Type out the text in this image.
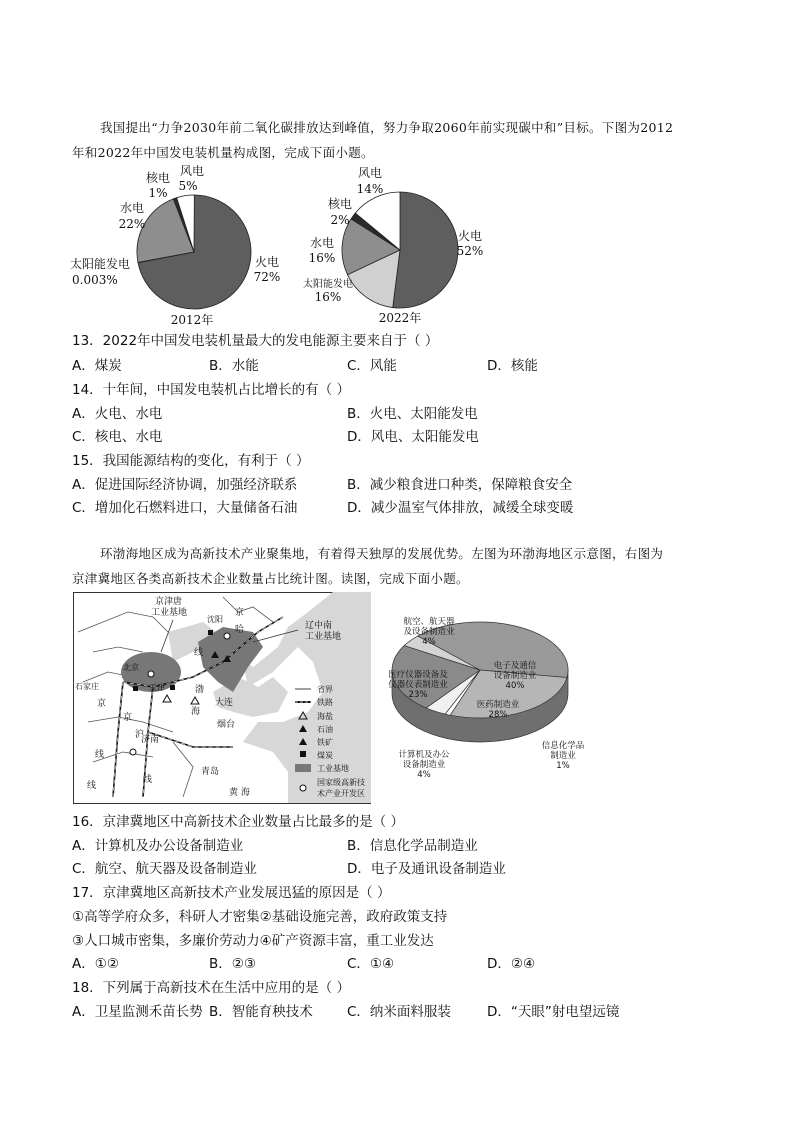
我国提出“力争2030年前二氧化碳排放达到峰值，努力争取2060年前实现碳中和”目标。下图为2012
年和2022年中国发电装机量构成图，完成下面小题。
风电
5%
核电
1%
水电
22%
太阳能发电
0.003%
火电
72%
2012年
风电
14%
核电
2%
水电
16%
太阳能发电
16%
火电
52%
2022年
13．2022年中国发电装机量最大的发电能源主要来自于（ ）
A．煤炭	B．水能	C．风能	D．核能
14．十年间，中国发电装机占比增长的有（ ）
A．火电、水电	B．火电、太阳能发电
C．核电、水电	D．风电、太阳能发电
15．我国能源结构的变化，有利于（ ）
A．促进国际经济协调，加强经济联系	B．减少粮食进口种类，保障粮食安全
C．增加化石燃料进口，大量储备石油	D．减少温室气体排放，减缓全球变暖
环渤海地区成为高新技术产业聚集地，有着得天独厚的发展优势。左图为环渤海地区示意图，右图为
京津冀地区各类高新技术企业数量占比统计图。读图，完成下面小题。
京津唐
工业基地
辽中南
工业基地
京
哈
沈阳
线
北京
天津	渤
海
大连
烟台
青岛
黄 海
济南
石家庄
京
京
沪
线
线
线
省界
铁路
海盐
石油
铁矿
煤炭
工业基地
国家级高新技
术产业开发区
电子及通信
设备制造业
40%
医药制造业
28%
信息化学品
制造业
1%
计算机及办公
设备制造业
4%
医疗仪器设备及
仪器仪表制造业
23%
航空、航天器
及设备制造业
4%
16．京津冀地区中高新技术企业数量占比最多的是（ ）
A．计算机及办公设备制造业	B．信息化学品制造业
C．航空、航天器及设备制造业	D．电子及通讯设备制造业
17．京津冀地区高新技术产业发展迅猛的原因是（ ）
①高等学府众多，科研人才密集②基础设施完善，政府政策支持
③人口城市密集，多廉价劳动力④矿产资源丰富，重工业发达
A．①②	B．②③	C．①④	D．②④
18．下列属于高新技术在生活中应用的是（ ）
A．卫星监测禾苗长势 B．智能育秧技术	C．纳米面料服装	D．“天眼”射电望远镜
